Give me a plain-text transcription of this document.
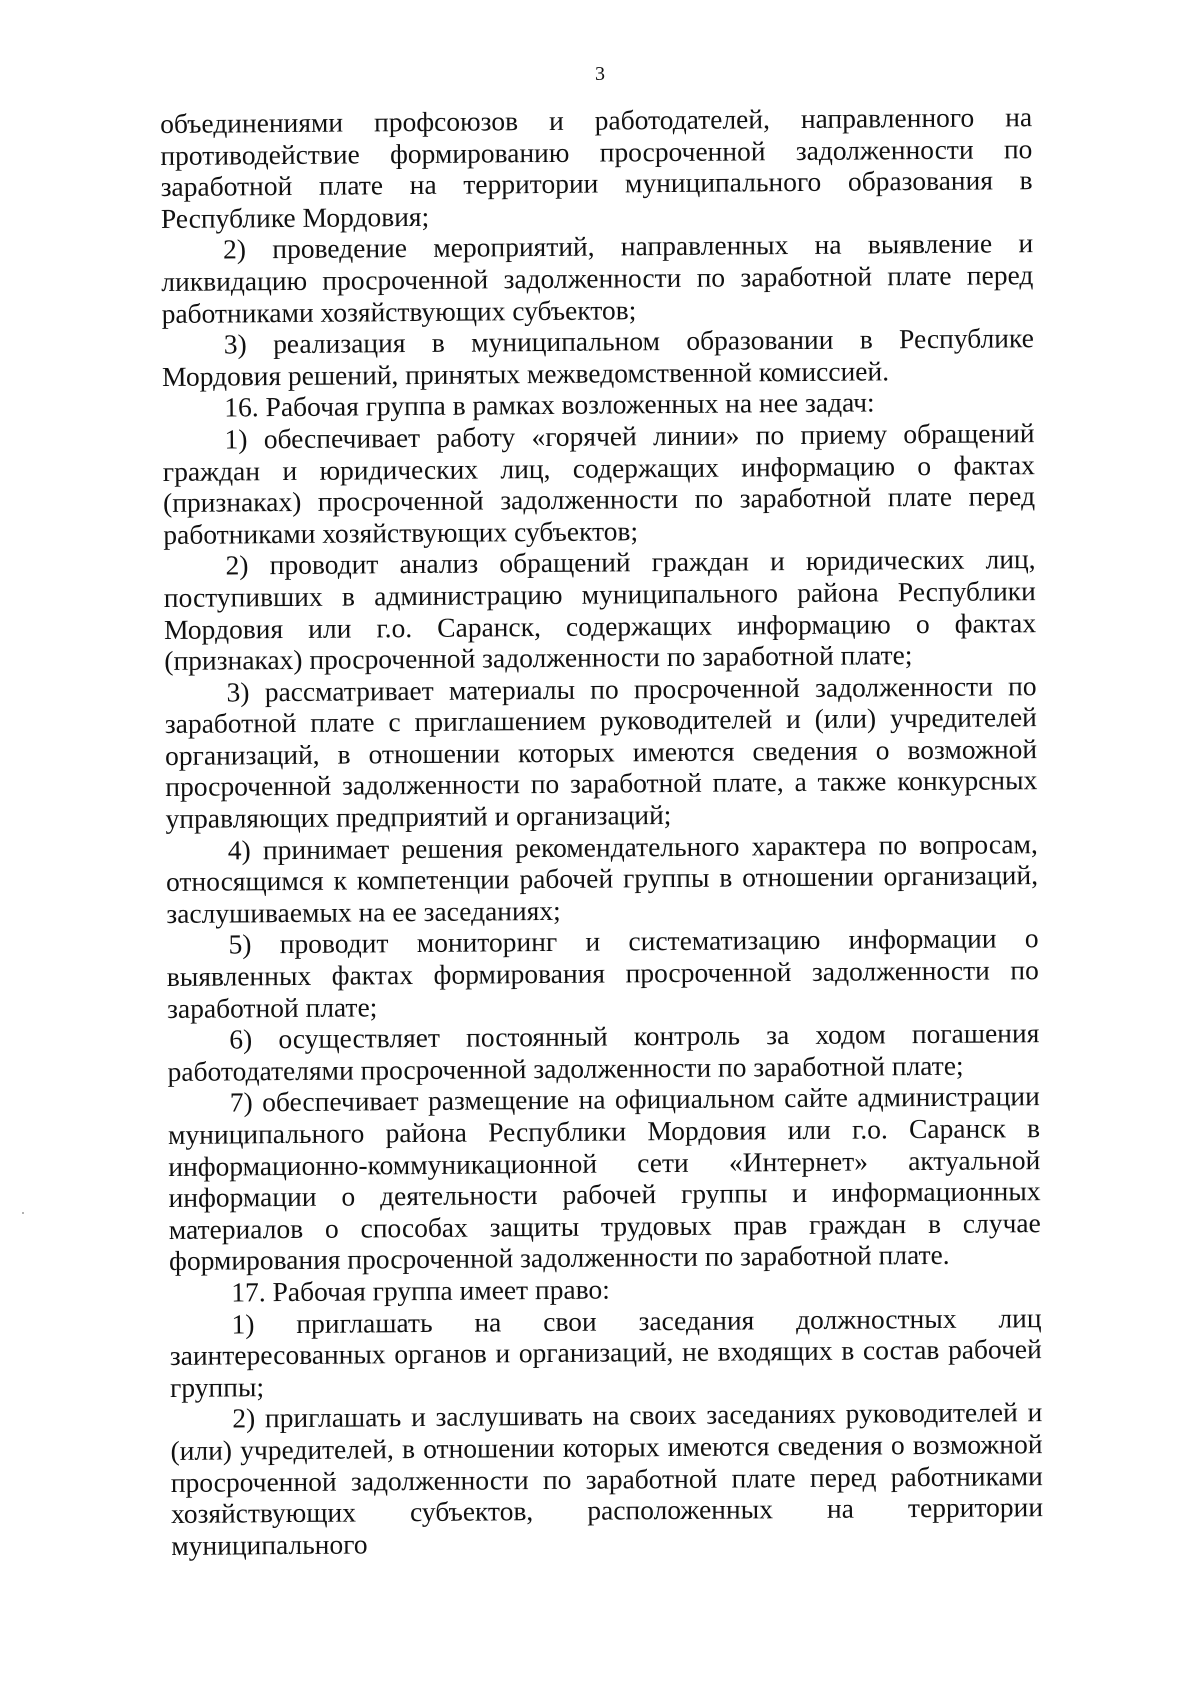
3

объединениями профсоюзов и работодателей, направленного на противодействие формированию просроченной задолженности по заработной плате на территории муниципального образования в Республике Мордовия;

2) проведение мероприятий, направленных на выявление и ликвидацию просроченной задолженности по заработной плате перед работниками хозяйствующих субъектов;

3) реализация в муниципальном образовании в Республике Мордовия решений, принятых межведомственной комиссией.

16. Рабочая группа в рамках возложенных на нее задач:

1) обеспечивает работу «горячей линии» по приему обращений граждан и юридических лиц, содержащих информацию о фактах (признаках) просроченной задолженности по заработной плате перед работниками хозяйствующих субъектов;

2) проводит анализ обращений граждан и юридических лиц, поступивших в администрацию муниципального района Республики Мордовия или г.о. Саранск, содержащих информацию о фактах (признаках) просроченной задолженности по заработной плате;

3) рассматривает материалы по просроченной задолженности по заработной плате с приглашением руководителей и (или) учредителей организаций, в отношении которых имеются сведения о возможной просроченной задолженности по заработной плате, а также конкурсных управляющих предприятий и организаций;

4) принимает решения рекомендательного характера по вопросам, относящимся к компетенции рабочей группы в отношении организаций, заслушиваемых на ее заседаниях;

5) проводит мониторинг и систематизацию информации о выявленных фактах формирования просроченной задолженности по заработной плате;

6) осуществляет постоянный контроль за ходом погашения работодателями просроченной задолженности по заработной плате;

7) обеспечивает размещение на официальном сайте администрации муниципального района Республики Мордовия или г.о. Саранск в информационно-коммуникационной сети «Интернет» актуальной информации о деятельности рабочей группы и информационных материалов о способах защиты трудовых прав граждан в случае формирования просроченной задолженности по заработной плате.

17. Рабочая группа имеет право:

1) приглашать на свои заседания должностных лиц заинтересованных органов и организаций, не входящих в состав рабочей группы;

2) приглашать и заслушивать на своих заседаниях руководителей и (или) учредителей, в отношении которых имеются сведения о возможной просроченной задолженности по заработной плате перед работниками хозяйствующих субъектов, расположенных на территории муниципального
